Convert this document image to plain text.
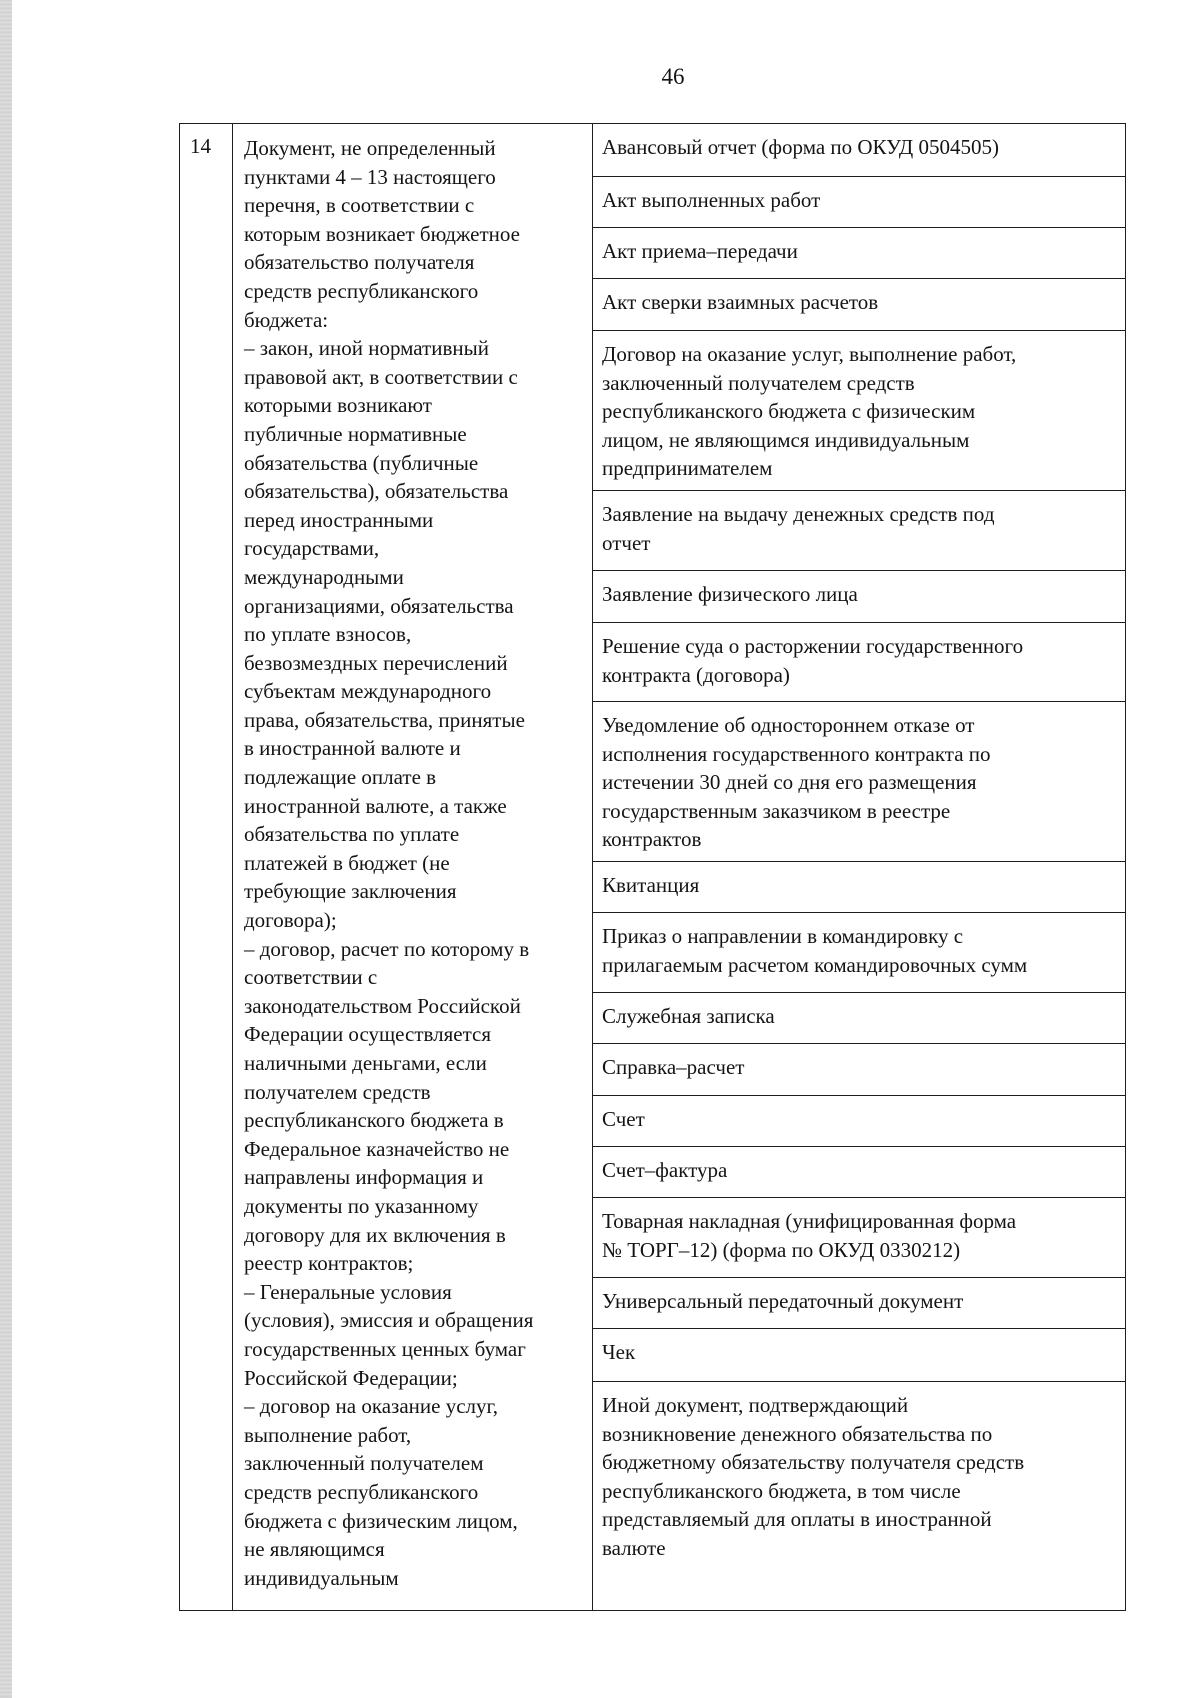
46
14	Документ, не определенный
пунктами 4 – 13 настоящего
перечня, в соответствии с
которым возникает бюджетное
обязательство получателя
средств республиканского
бюджета:
– закон, иной нормативный
правовой акт, в соответствии с
которыми возникают
публичные нормативные
обязательства (публичные
обязательства), обязательства
перед иностранными
государствами,
международными
организациями, обязательства
по уплате взносов,
безвозмездных перечислений
субъектам международного
права, обязательства, принятые
в иностранной валюте и
подлежащие оплате в
иностранной валюте, а также
обязательства по уплате
платежей в бюджет (не
требующие заключения
договора);
– договор, расчет по которому в
соответствии с
законодательством Российской
Федерации осуществляется
наличными деньгами, если
получателем средств
республиканского бюджета в
Федеральное казначейство не
направлены информация и
документы по указанному
договору для их включения в
реестр контрактов;
– Генеральные условия
(условия), эмиссия и обращения
государственных ценных бумаг
Российской Федерации;
– договор на оказание услуг,
выполнение работ,
заключенный получателем
средств республиканского
бюджета с физическим лицом,
не являющимся
индивидуальным
Авансовый отчет (форма по ОКУД 0504505)
Акт выполненных работ
Акт приема–передачи
Акт сверки взаимных расчетов
Договор на оказание услуг, выполнение работ,
заключенный получателем средств
республиканского бюджета с физическим
лицом, не являющимся индивидуальным
предпринимателем
Заявление на выдачу денежных средств под
отчет
Заявление физического лица
Решение суда о расторжении государственного
контракта (договора)
Уведомление об одностороннем отказе от
исполнения государственного контракта по
истечении 30 дней со дня его размещения
государственным заказчиком в реестре
контрактов
Квитанция
Приказ о направлении в командировку с
прилагаемым расчетом командировочных сумм
Служебная записка
Справка–расчет
Счет
Счет–фактура
Товарная накладная (унифицированная форма
№ ТОРГ–12) (форма по ОКУД 0330212)
Универсальный передаточный документ
Чек
Иной документ, подтверждающий
возникновение денежного обязательства по
бюджетному обязательству получателя средств
республиканского бюджета, в том числе
представляемый для оплаты в иностранной
валюте
